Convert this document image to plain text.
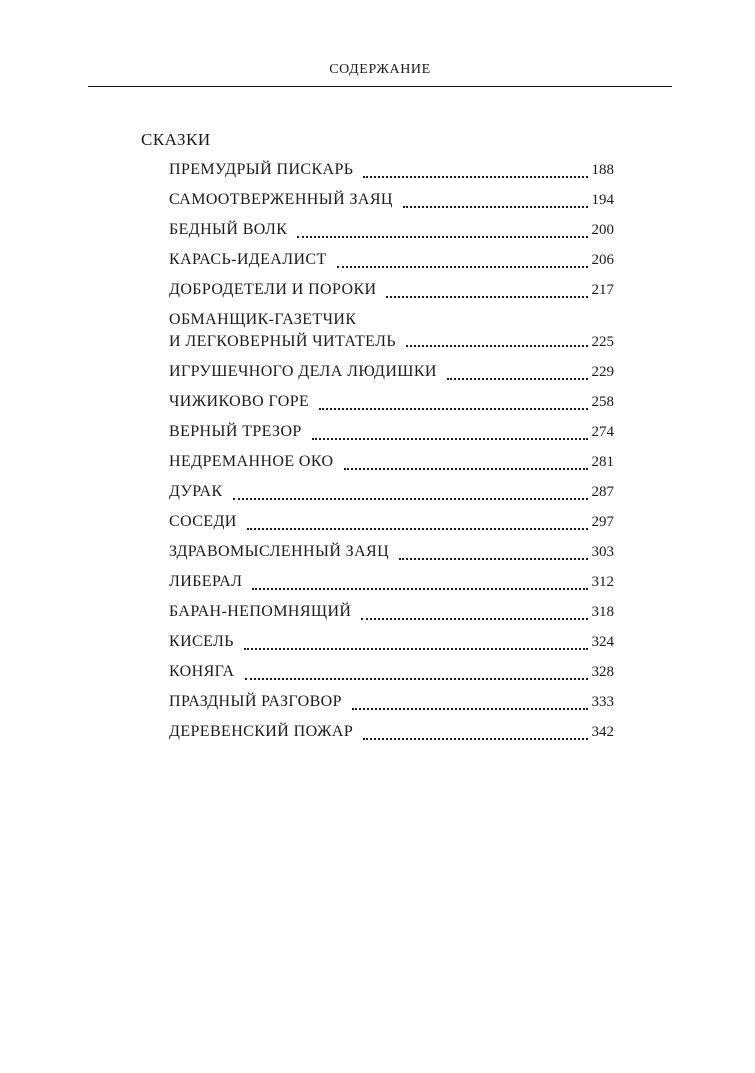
СОДЕРЖАНИЕ
СКАЗКИ
ПРЕМУДРЫЙ ПИСКАРЬ	188
САМООТВЕРЖЕННЫЙ ЗАЯЦ	194
БЕДНЫЙ ВОЛК	200
КАРАСЬ-ИДЕАЛИСТ	206
ДОБРОДЕТЕЛИ И ПОРОКИ	217
ОБМАНЩИК-ГАЗЕТЧИК
И ЛЕГКОВЕРНЫЙ ЧИТАТЕЛЬ	225
ИГРУШЕЧНОГО ДЕЛА ЛЮДИШКИ	229
ЧИЖИКОВО ГОРЕ	258
ВЕРНЫЙ ТРЕЗОР	274
НЕДРЕМАННОЕ ОКО	281
ДУРАК	287
СОСЕДИ	297
ЗДРАВОМЫСЛЕННЫЙ ЗАЯЦ	303
ЛИБЕРАЛ	312
БАРАН-НЕПОМНЯЩИЙ	318
КИСЕЛЬ	324
КОНЯГА	328
ПРАЗДНЫЙ РАЗГОВОР	333
ДЕРЕВЕНСКИЙ ПОЖАР	342
